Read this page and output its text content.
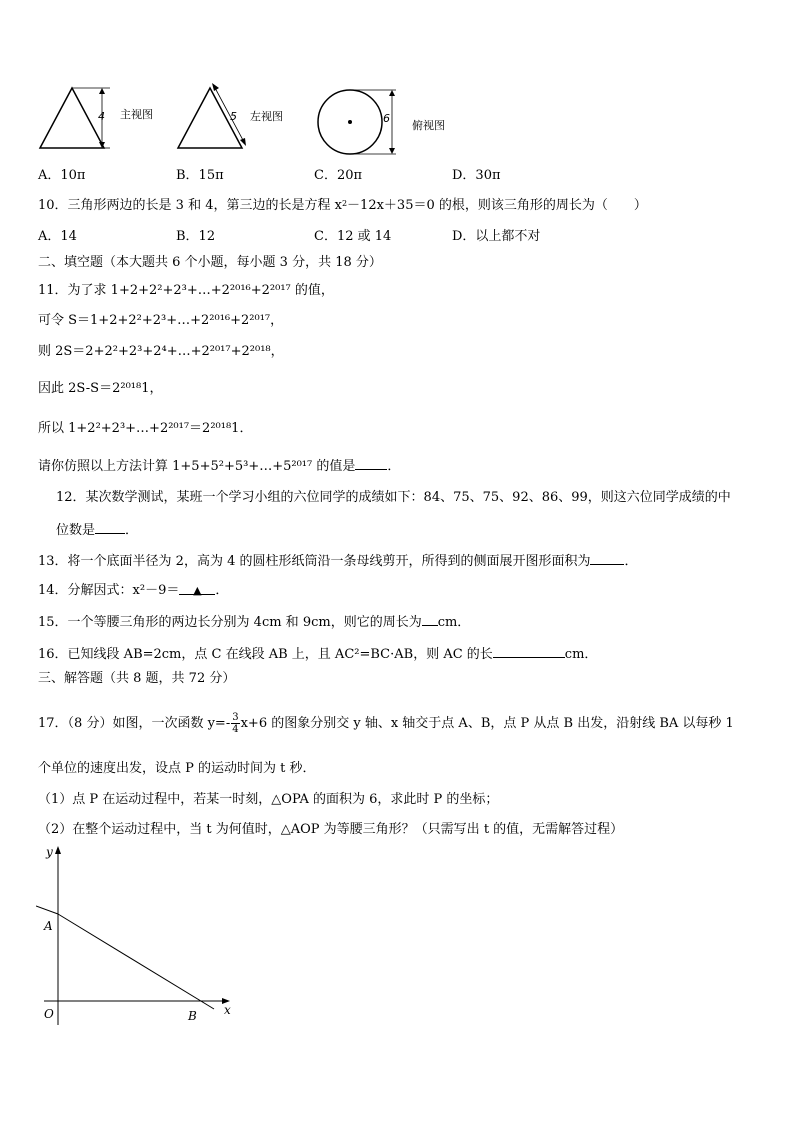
4 主视图	5 左视图	6
俯视图
A．10π	B．15π	C．20π	D．30π
10．三角形两边的长是 3 和 4，第三边的长是方程 $x^2-12x+35=0$ 的根，则该三角形的周长为（　　）
A．14	B．12	C．12 或 14	D．以上都不对
二、填空题（本大题共 6 个小题，每小题 3 分，共 18 分）
11．为了求 1+2+2²+2³+…+2²⁰¹⁶+2²⁰¹⁷ 的值，
可令 S＝1+2+2²+2³+…+2²⁰¹⁶+2²⁰¹⁷，
则 2S＝2+2²+2³+2⁴+…+2²⁰¹⁷+2²⁰¹⁸，
因此 2S-S＝2²⁰¹⁸1，
所以 1+2²+2³+…+2²⁰¹⁷＝2²⁰¹⁸1．
请你仿照以上方法计算 1+5+5²+5³+…+5²⁰¹⁷ 的值是 ．
12．某次数学测试，某班一个学习小组的六位同学的成绩如下：84、75、75、92、86、99，则这六位同学成绩的中
位数是 ．
13．将一个底面半径为 2，高为 4 的圆柱形纸筒沿一条母线剪开，所得到的侧面展开图形面积为	．
14．分解因式：x²－9＝ ▲ ．
15．一个等腰三角形的两边长分别为 4cm 和 9cm，则它的周长为 cm．
16．已知线段 AB=2cm，点 C 在线段 AB 上，且 AC²=BC·AB，则 AC 的长	cm．
三、解答题（共 8 题，共 72 分）
17．（8 分）如图，一次函数 $y=- \frac{3}{4} x+6$ 的图象分别交 y 轴、x 轴交于点 A、B，点 P 从点 B 出发，沿射线 BA 以每秒 1
个单位的速度出发，设点 P 的运动时间为 t 秒．
（1）点 P 在运动过程中，若某一时刻，△OPA 的面积为 6，求此时 P 的坐标；
（2）在整个运动过程中，当 t 为何值时，△AOP 为等腰三角形？（只需写出 t 的值，无需解答过程）
y
x
A
O	B
